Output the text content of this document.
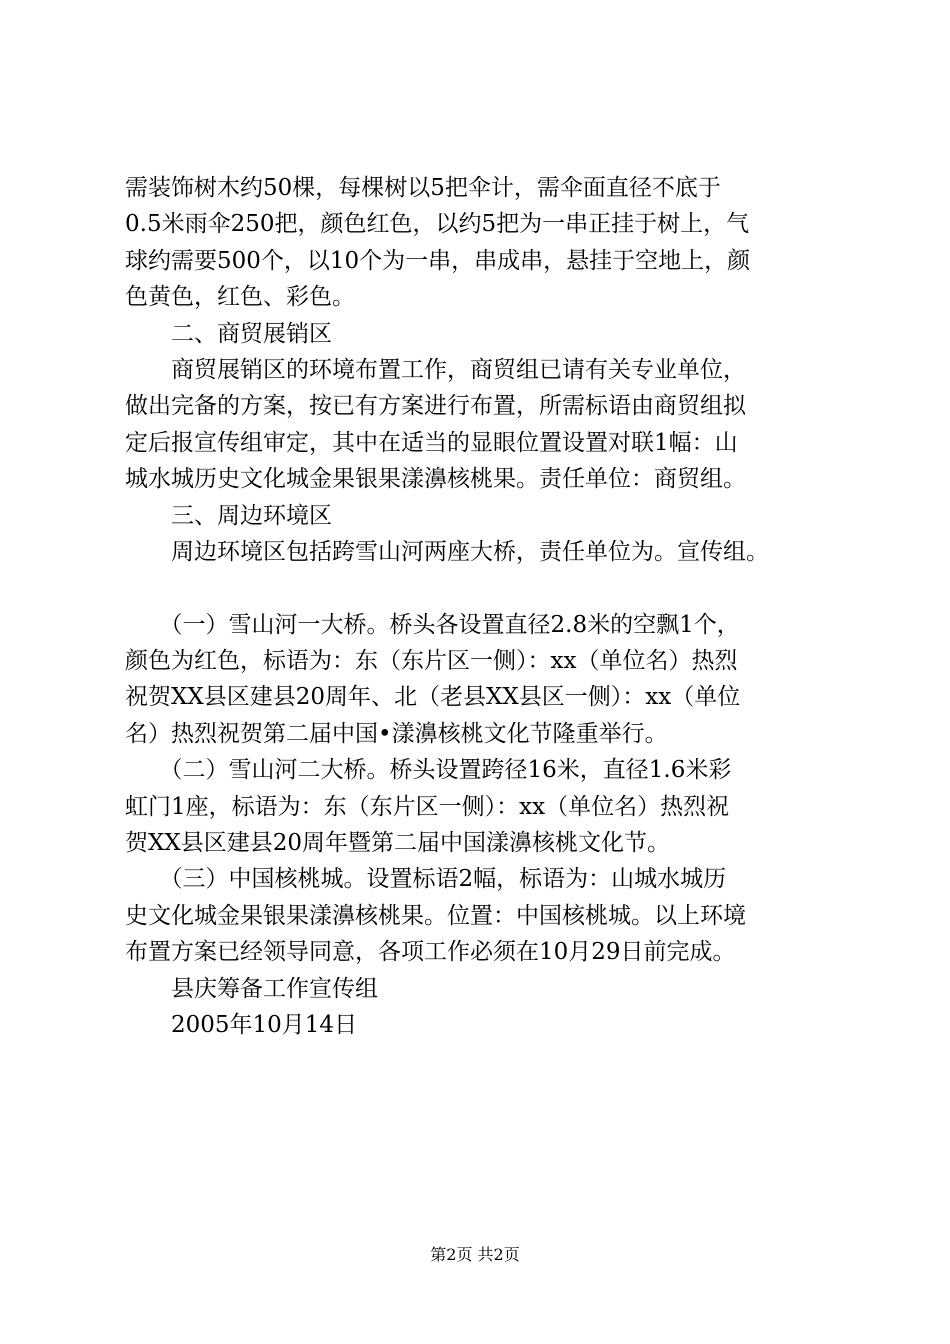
需装饰树木约50棵，每棵树以5把伞计，需伞面直径不底于
0.5米雨伞250把，颜色红色，以约5把为一串正挂于树上，气
球约需要500个，以10个为一串，串成串，悬挂于空地上，颜
色黄色，红色、彩色。
　　二、商贸展销区
　　商贸展销区的环境布置工作，商贸组已请有关专业单位，
做出完备的方案，按已有方案进行布置，所需标语由商贸组拟
定后报宣传组审定，其中在适当的显眼位置设置对联1幅：山
城水城历史文化城金果银果漾濞核桃果。责任单位：商贸组。
　　三、周边环境区
　　周边环境区包括跨雪山河两座大桥，责任单位为。宣传组。
　　（一）雪山河一大桥。桥头各设置直径2.8米的空飘1个，
颜色为红色，标语为：东（东片区一侧）：xx（单位名）热烈
祝贺XX县区建县20周年、北（老县XX县区一侧）：xx（单位
名）热烈祝贺第二届中国•漾濞核桃文化节隆重举行。
　　（二）雪山河二大桥。桥头设置跨径16米，直径1.6米彩
虹门1座，标语为：东（东片区一侧）：xx（单位名）热烈祝
贺XX县区建县20周年暨第二届中国漾濞核桃文化节。
　　（三）中国核桃城。设置标语2幅，标语为：山城水城历
史文化城金果银果漾濞核桃果。位置：中国核桃城。以上环境
布置方案已经领导同意，各项工作必须在10月29日前完成。
　　县庆筹备工作宣传组
　　2005年10月14日

第2页 共2页
